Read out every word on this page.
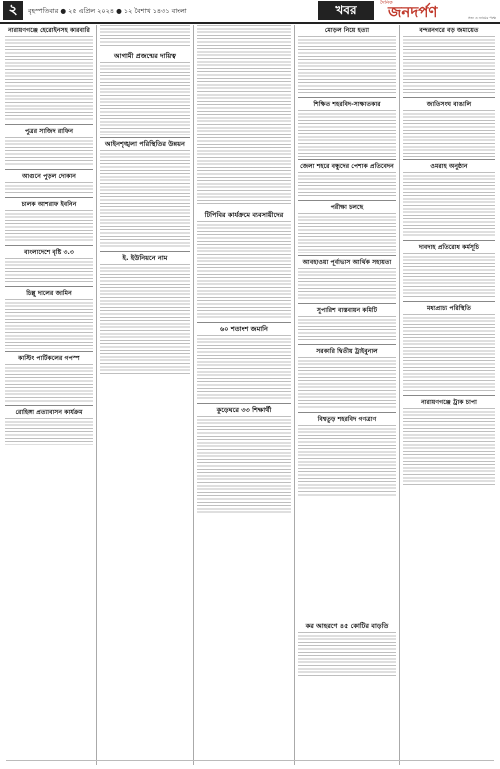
২	বৃহস্পতিবার ● ২৫ এপ্রিল ২০২৪ ● ১২ বৈশাখ ১৪৩১ বাংলা	খবর	দৈনিক
জনদর্পণ	সত্য ও ন্যায়ের পক্ষে
নারায়ণগঞ্জে হেরোইনসহ কারবারি
পুত্রর সাজিদ রাফিন
আগুনে পুড়ল দোকান
চালক আশরাফ ইবনিন
বাংলাদেশে বৃষ্টি ৩.৩
চিল্লু দালের জামিন
কাস্টিং পার্টিকলের গপস্প
রোহিঙ্গা প্রত্যাবাসন কার্যক্রম
আগামী প্রজন্মের দায়িত্ব
আইনশৃঙ্খলা পরিস্থিতির উন্নয়ন
ই. ইউনিয়নে নাম
টিপিবির কার্যক্রমে ব্যবসায়ীদের
৬০ শতাংশ জমানি
কুড়েঘরে ৩৩ শিক্ষার্থী
মোড়ল নিয়ে হত্যা
শিক্ষিত শহরবিদ-সাক্ষাতকার
জেলা শহরে বন্ধুদের পেশাক প্রতিবেদন
পরীক্ষা চলছে
আবহাওয়া পূর্বাভাস আর্থিক সহায়তা
সুপারিশ বাস্তবায়ন কমিটি
সরকারি দ্বিতীয় ট্রাইবুনাল
বিশ্বতুড় শহরবিদ গণত্রাণ
কর আহরণে ৪৫ কোটির বাড়তি
বন্দরনগরে বড় জমায়েত
জাতিসংঘ বাঙালি
ওমরাহ অনুষ্ঠান
দাবদাহ প্রতিরোধ কর্মসূচি
মধ্যপ্রাচ্য পরিস্থিতি
নারায়ণগঞ্জে ট্রাক চাপা
